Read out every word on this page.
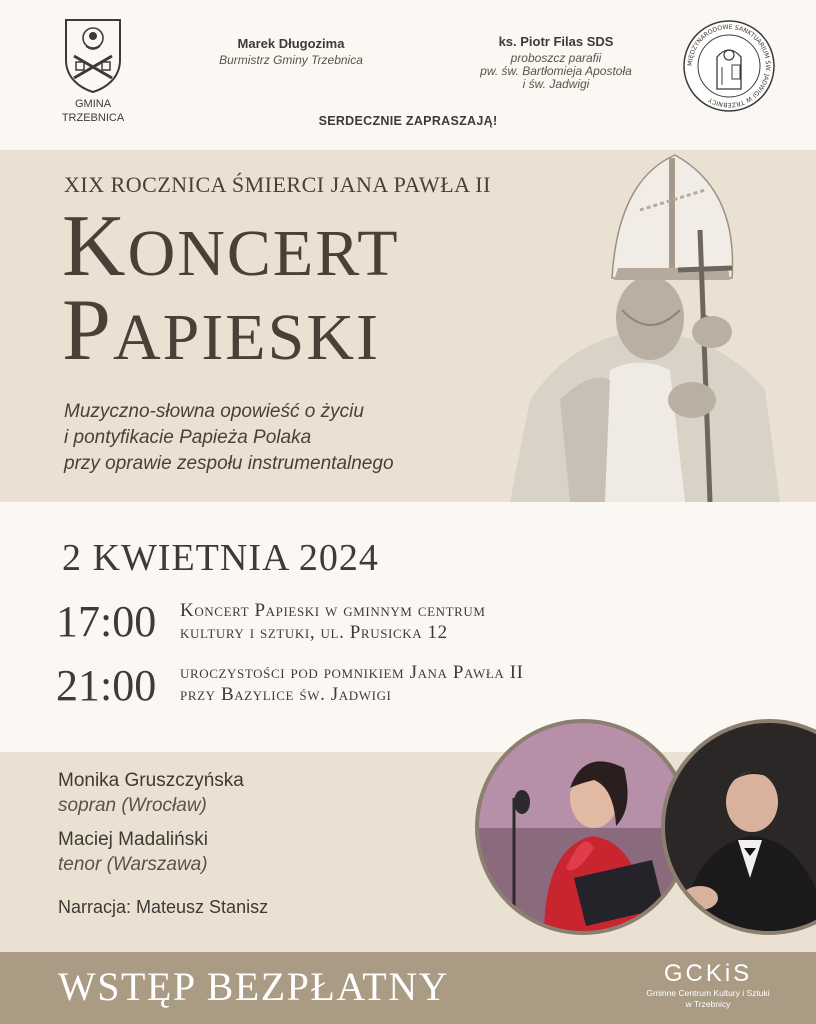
GMINA
TRZEBNICA
Marek Długozima
Burmistrz Gminy Trzebnica
ks. Piotr Filas SDS
proboszcz parafii
pw. św. Bartłomieja Apostoła
i św. Jadwigi
MIĘDZYNARODOWE SANKTUARIUM ŚW. JADWIGI W TRZEBNICY
SERDECZNIE ZAPRASZAJĄ!
XIX ROCZNICA ŚMIERCI JANA PAWŁA II
KONCERT
PAPIESKI
Muzyczno-słowna opowieść o życiu
i pontyfikacie Papieża Polaka
przy oprawie zespołu instrumentalnego
2 KWIETNIA 2024
17:00 Koncert Papieski w gminnym centrum
kultury i sztuki, ul. Prusicka 12
21:00 uroczystości pod pomnikiem Jana Pawła II
przy Bazylice św. Jadwigi
Monika Gruszczyńska
sopran (Wrocław)
Maciej Madaliński
tenor (Warszawa)
Narracja: Mateusz Stanisz
WSTĘP BEZPŁATNY	GCKiS
Gminne Centrum Kultury i Sztuki
w Trzebnicy
